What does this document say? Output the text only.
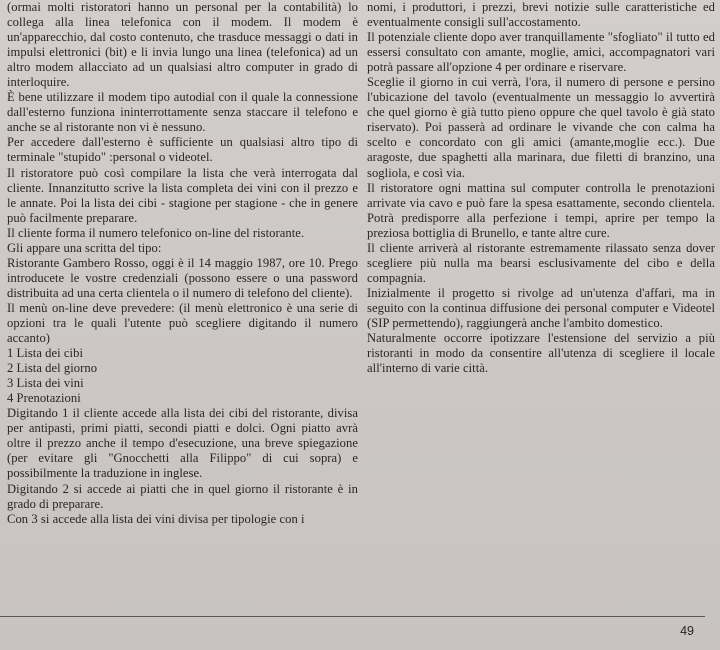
(ormai molti ristoratori hanno un personal per la contabilità) lo collega alla linea telefonica con il modem. Il modem è un'apparecchio, dal costo contenuto, che trasduce messaggi o dati in impulsi elettronici (bit) e li invia lungo una linea (telefonica) ad un altro modem allacciato ad un qualsiasi altro computer in grado di interloquire.

È bene utilizzare il modem tipo autodial con il quale la connessione dall'esterno funziona ininterrottamente senza staccare il telefono e anche se al ristorante non vi è nessuno.

Per accedere dall'esterno è sufficiente un qualsiasi altro tipo di terminale "stupido" :personal o videotel.

Il ristoratore può così compilare la lista che verà interrogata dal cliente. Innanzitutto scrive la lista completa dei vini con il prezzo e le annate. Poi la lista dei cibi - stagione per stagione - che in genere può facilmente preparare.

Il cliente forma il numero telefonico on-line del ristorante.

Gli appare una scritta del tipo:

Ristorante Gambero Rosso, oggi è il 14 maggio 1987, ore 10. Prego introducete le vostre credenziali (possono essere o una password distribuita ad una certa clientela o il numero di telefono del cliente).

Il menù on-line deve prevedere: (il menù elettronico è una serie di opzioni tra le quali l'utente può scegliere digitando il numero accanto)

1 Lista dei cibi

2 Lista del giorno

3 Lista dei vini

4 Prenotazioni

Digitando 1 il cliente accede alla lista dei cibi del ristorante, divisa per antipasti, primi piatti, secondi piatti e dolci. Ogni piatto avrà oltre il prezzo anche il tempo d'esecuzione, una breve spiegazione (per evitare gli "Gnocchetti alla Filippo" di cui sopra) e possibilmente la traduzione in inglese.

Digitando 2 si accede ai piatti che in quel giorno il ristorante è in grado di preparare.

Con 3 si accede alla lista dei vini divisa per tipologie con i

nomi, i produttori, i prezzi, brevi notizie sulle caratteristiche ed eventualmente consigli sull'accostamento.

Il potenziale cliente dopo aver tranquillamente "sfogliato" il tutto ed essersi consultato con amante, moglie, amici, accompagnatori vari potrà passare all'opzione 4 per ordinare e riservare.

Sceglie il giorno in cui verrà, l'ora, il numero di persone e persino l'ubicazione del tavolo (eventualmente un messaggio lo avvertirà che quel giorno è già tutto pieno oppure che quel tavolo è già stato riservato). Poi passerà ad ordinare le vivande che con calma ha scelto e concordato con gli amici (amante,moglie ecc.). Due aragoste, due spaghetti alla marinara, due filetti di branzino, una sogliola, e così via.

Il ristoratore ogni mattina sul computer controlla le prenotazioni arrivate via cavo e può fare la spesa esattamente, secondo clientela. Potrà predisporre alla perfezione i tempi, aprire per tempo la preziosa bottiglia di Brunello, e tante altre cure.

Il cliente arriverà al ristorante estremamente rilassato senza dover scegliere più nulla ma bearsi esclusivamente del cibo e della compagnia.

Inizialmente il progetto si rivolge ad un'utenza d'affari, ma in seguito con la continua diffusione dei personal computer e Videotel (SIP permettendo), raggiungerà anche l'ambito domestico.

Naturalmente occorre ipotizzare l'estensione del servizio a più ristoranti in modo da consentire all'utenza di scegliere il locale all'interno di varie città.

49
